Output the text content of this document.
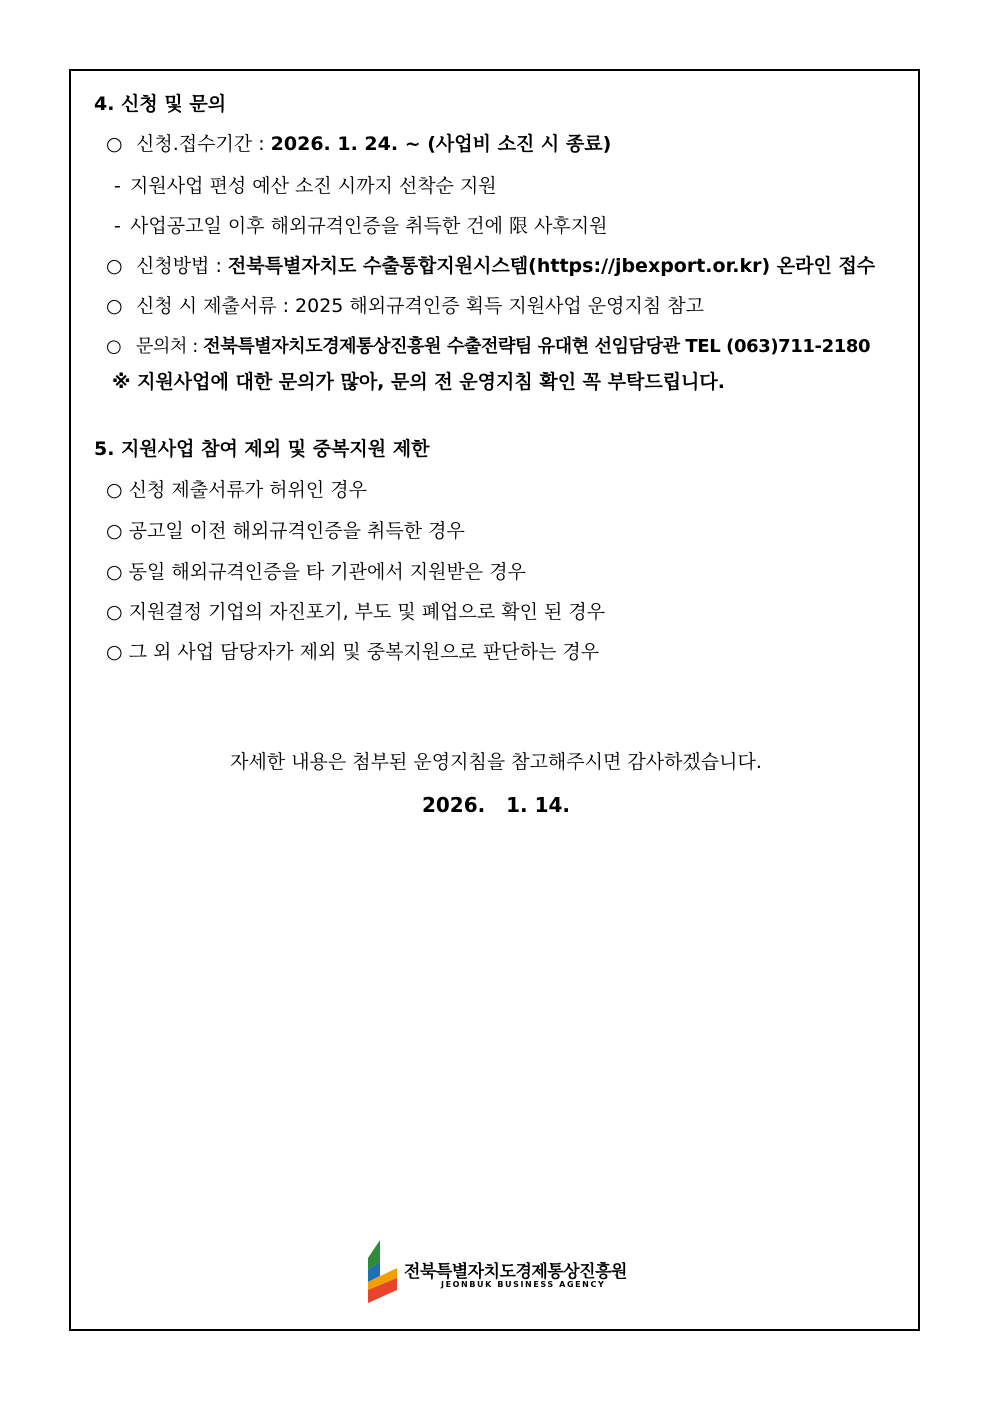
4. 신청 및 문의
○ 신청.접수기간 : 2026. 1. 24. ~ (사업비 소진 시 종료)
- 지원사업 편성 예산 소진 시까지 선착순 지원
- 사업공고일 이후 해외규격인증을 취득한 건에 限 사후지원
○ 신청방법 : 전북특별자치도 수출통합지원시스템(https://jbexport.or.kr) 온라인 접수
○ 신청 시 제출서류 : 2025 해외규격인증 획득 지원사업 운영지침 참고
○ 문의처 : 전북특별자치도경제통상진흥원 수출전략팀 유대현 선임담당관 TEL (063)711-2180
※ 지원사업에 대한 문의가 많아, 문의 전 운영지침 확인 꼭 부탁드립니다.
5. 지원사업 참여 제외 및 중복지원 제한
○ 신청 제출서류가 허위인 경우
○ 공고일 이전 해외규격인증을 취득한 경우
○ 동일 해외규격인증을 타 기관에서 지원받은 경우
○ 지원결정 기업의 자진포기, 부도 및 폐업으로 확인 된 경우
○ 그 외 사업 담당자가 제외 및 중복지원으로 판단하는 경우
자세한 내용은 첨부된 운영지침을 참고해주시면 감사하겠습니다.
2026.   1. 14.
전북특별자치도경제통상진흥원
JEONBUK BUSINESS AGENCY
